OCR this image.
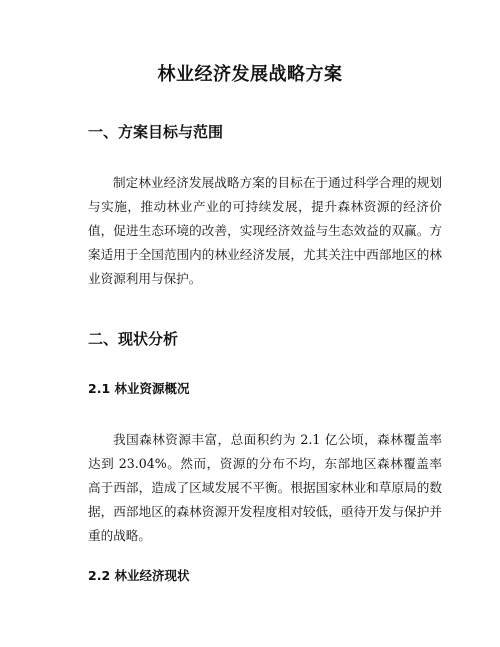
林业经济发展战略方案
一、方案目标与范围

制定林业经济发展战略方案的目标在于通过科学合理的规划与实施，推动林业产业的可持续发展，提升森林资源的经济价值，促进生态环境的改善，实现经济效益与生态效益的双赢。方案适用于全国范围内的林业经济发展，尤其关注中西部地区的林业资源利用与保护。

二、现状分析
2.1 林业资源概况

我国森林资源丰富，总面积约为 2.1 亿公顷，森林覆盖率达到 23.04%。然而，资源的分布不均，东部地区森林覆盖率高于西部，造成了区域发展不平衡。根据国家林业和草原局的数据，西部地区的森林资源开发程度相对较低，亟待开发与保护并重的战略。

2.2 林业经济现状
